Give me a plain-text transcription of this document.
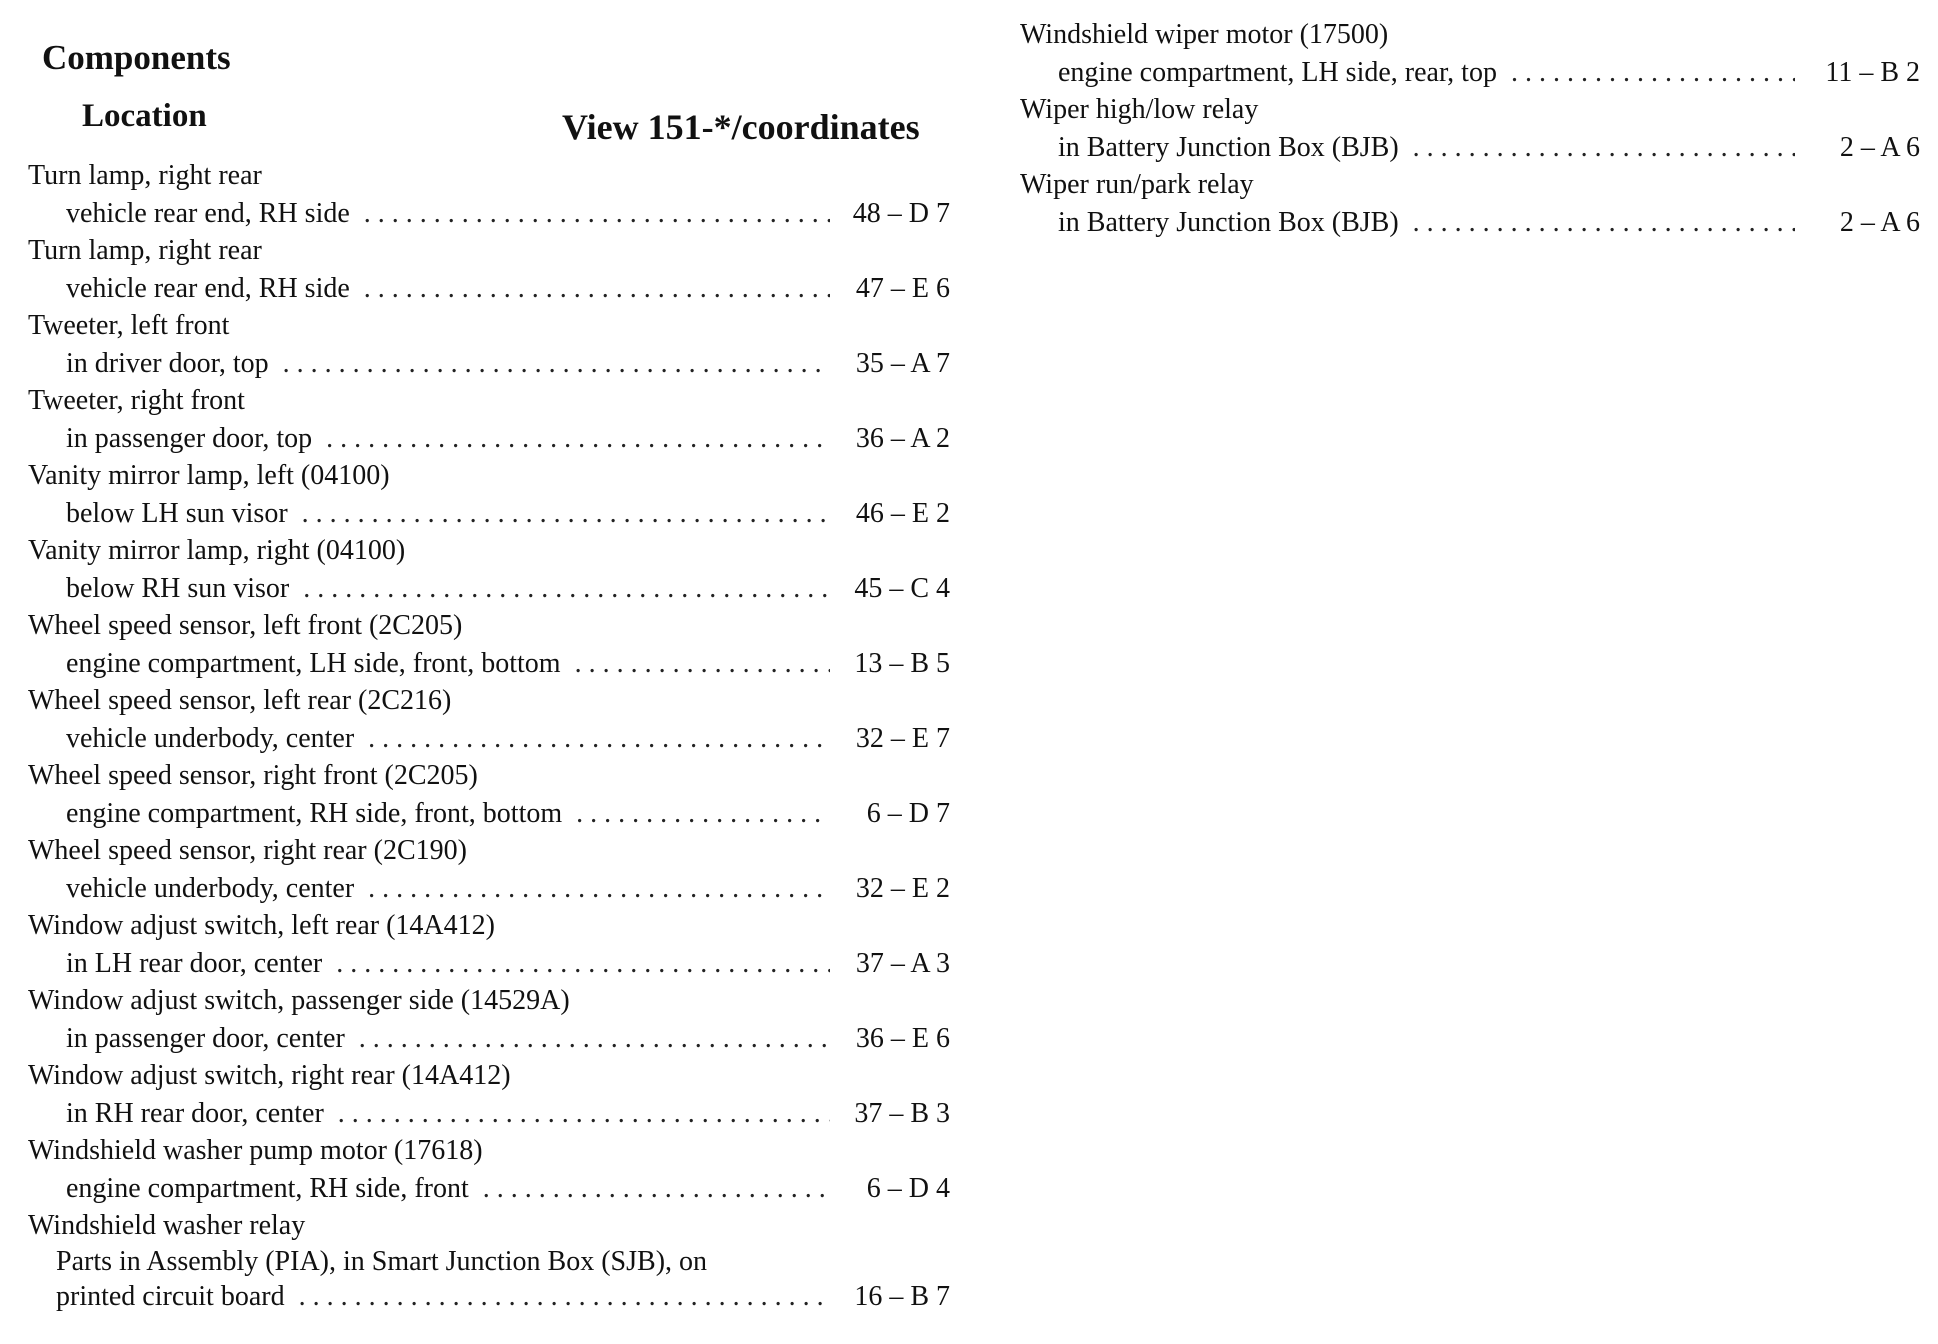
Components
Location	View 151-*/coordinates
Turn lamp, right rear
vehicle rear end, RH side . . .	48 – D 7
Turn lamp, right rear
vehicle rear end, RH side . . .	47 – E 6
Tweeter, left front
in driver door, top . . .	35 – A 7
Tweeter, right front
in passenger door, top . . .	36 – A 2
Vanity mirror lamp, left (04100)
below LH sun visor . . .	46 – E 2
Vanity mirror lamp, right (04100)
below RH sun visor . . .	45 – C 4
Wheel speed sensor, left front (2C205)
engine compartment, LH side, front, bottom . . .	13 – B 5
Wheel speed sensor, left rear (2C216)
vehicle underbody, center . . .	32 – E 7
Wheel speed sensor, right front (2C205)
engine compartment, RH side, front, bottom . . .	6 – D 7
Wheel speed sensor, right rear (2C190)
vehicle underbody, center . . .	32 – E 2
Window adjust switch, left rear (14A412)
in LH rear door, center . . .	37 – A 3
Window adjust switch, passenger side (14529A)
in passenger door, center . . .	36 – E 6
Window adjust switch, right rear (14A412)
in RH rear door, center . . .	37 – B 3
Windshield washer pump motor (17618)
engine compartment, RH side, front . . .	6 – D 4
Windshield washer relay
Parts in Assembly (PIA), in Smart Junction Box (SJB), on
printed circuit board . . .	16 – B 7
Windshield wiper motor (17500)
engine compartment, LH side, rear, top . . .	11 – B 2
Wiper high/low relay
in Battery Junction Box (BJB) . . .	2 – A 6
Wiper run/park relay
in Battery Junction Box (BJB) . . .	2 – A 6
